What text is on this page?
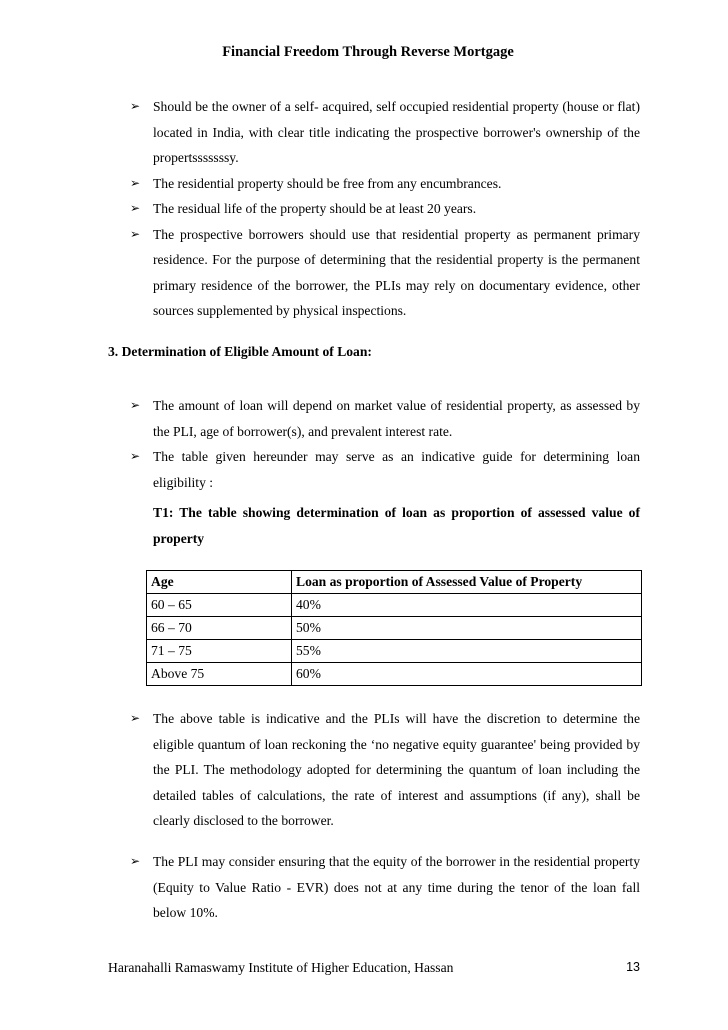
Financial Freedom Through Reverse Mortgage
➢ Should be the owner of a self- acquired, self occupied residential property (house or flat) located in India, with clear title indicating the prospective borrower's ownership of the propertsssssssy.
➢ The residential property should be free from any encumbrances.
➢ The residual life of the property should be at least 20 years.
➢ The prospective borrowers should use that residential property as permanent primary residence. For the purpose of determining that the residential property is the permanent primary residence of the borrower, the PLIs may rely on documentary evidence, other sources supplemented by physical inspections.
3. Determination of Eligible Amount of Loan:
➢ The amount of loan will depend on market value of residential property, as assessed by the PLI, age of borrower(s), and prevalent interest rate.
➢ The table given hereunder may serve as an indicative guide for determining loan eligibility :
T1: The table showing determination of loan as proportion of assessed value of property
Age	Loan as proportion of Assessed Value of Property
60 – 65	40%
66 – 70	50%
71 – 75	55%
Above 75	60%
➢ The above table is indicative and the PLIs will have the discretion to determine the eligible quantum of loan reckoning the ‘no negative equity guarantee' being provided by the PLI. The methodology adopted for determining the quantum of loan including the detailed tables of calculations, the rate of interest and assumptions (if any), shall be clearly disclosed to the borrower.
➢ The PLI may consider ensuring that the equity of the borrower in the residential property (Equity to Value Ratio - EVR) does not at any time during the tenor of the loan fall below 10%.
Haranahalli Ramaswamy Institute of Higher Education, Hassan	13
